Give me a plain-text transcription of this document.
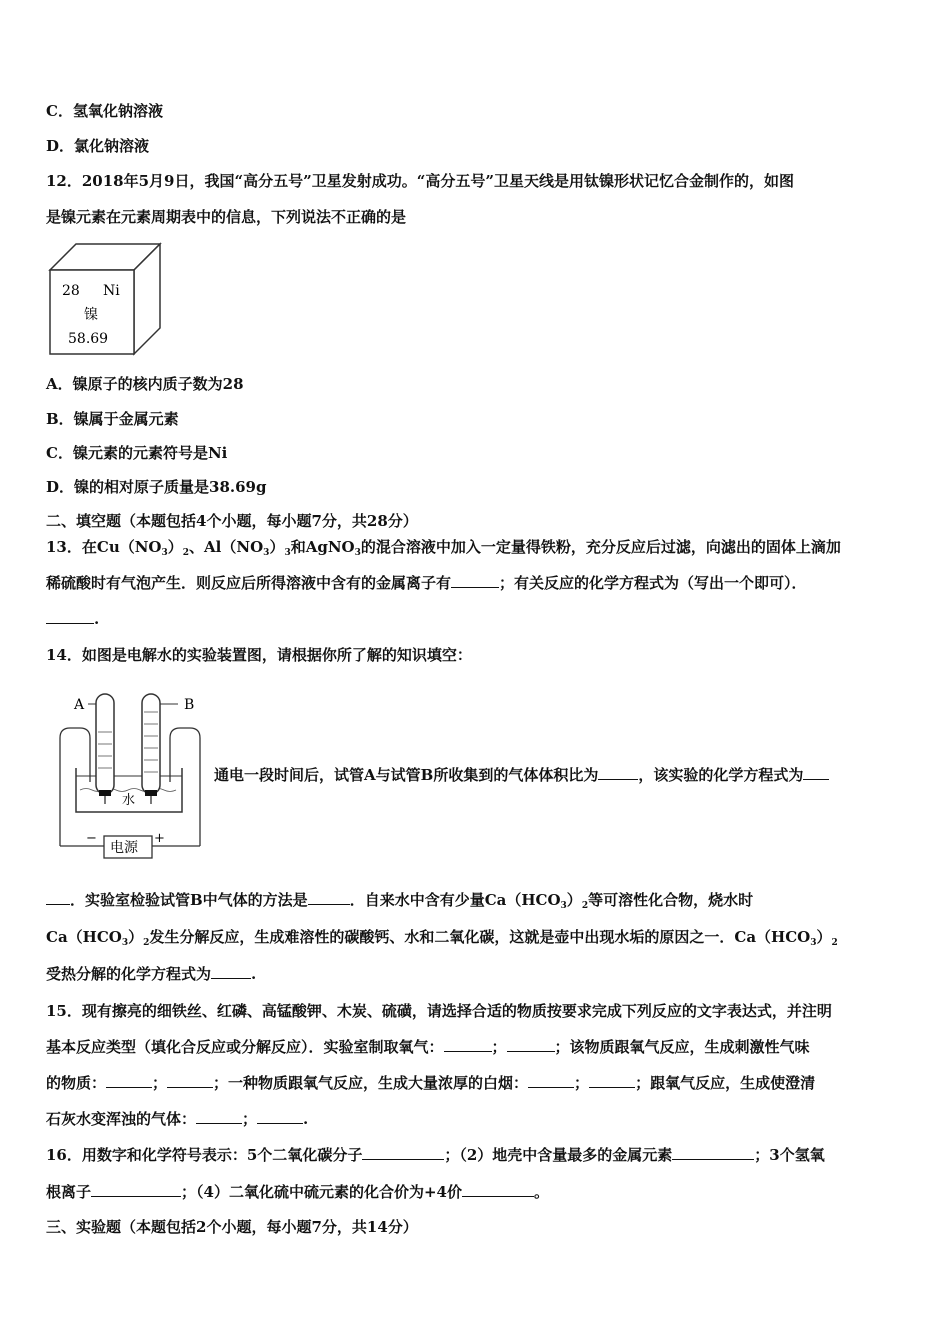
C．氢氧化钠溶液
D．氯化钠溶液
12．2018年5月9日，我国“高分五号”卫星发射成功。“高分五号”卫星天线是用钛镍形状记忆合金制作的，如图
是镍元素在元素周期表中的信息，下列说法不正确的是
28 Ni
镍
58.69
A．镍原子的核内质子数为28
B．镍属于金属元素
C．镍元素的元素符号是Ni
D．镍的相对原子质量是38.69g
二、填空题（本题包括4个小题，每小题7分，共28分）
13．在$Cu(NO_3)_2$、$Al(NO_3)_3$和AgNO$_3$的混合溶液中加入一定量得铁粉，充分反应后过滤，向滤出的固体上滴加
稀硫酸时有气泡产生．则反应后所得溶液中含有的金属离子有	；有关反应的化学方程式为（写出一个即可）．
.
14．如图是电解水的实验装置图，请根据你所了解的知识填空：
A	B
水
电源
−	+
通电一段时间后，试管A与试管B所收集到的气体体积比为	，该实验的化学方程式为
．实验室检验试管B中气体的方法是	．自来水中含有少量$Ca(HCO_3)_2$等可溶性化合物，烧水时
$Ca(HCO_3)_2$发生分解反应，生成难溶性的碳酸钙、水和二氧化碳，这就是壶中出现水垢的原因之一．$Ca(HCO_3)_2$
受热分解的化学方程式为	.
15．现有擦亮的细铁丝、红磷、高锰酸钾、木炭、硫磺，请选择合适的物质按要求完成下列反应的文字表达式，并注明
基本反应类型（填化合反应或分解反应）．实验室制取氧气：	；	；该物质跟氧气反应，生成刺激性气味
的物质：	；	；一种物质跟氧气反应，生成大量浓厚的白烟：	；	；跟氧气反应，生成使澄清
石灰水变浑浊的气体：	；	.
16．用数字和化学符号表示：5个二氧化碳分子	；（2）地壳中含量最多的金属元素	；3个氢氧
根离子	；（4）二氧化硫中硫元素的化合价为+4价	。
三、实验题（本题包括2个小题，每小题7分，共14分）
